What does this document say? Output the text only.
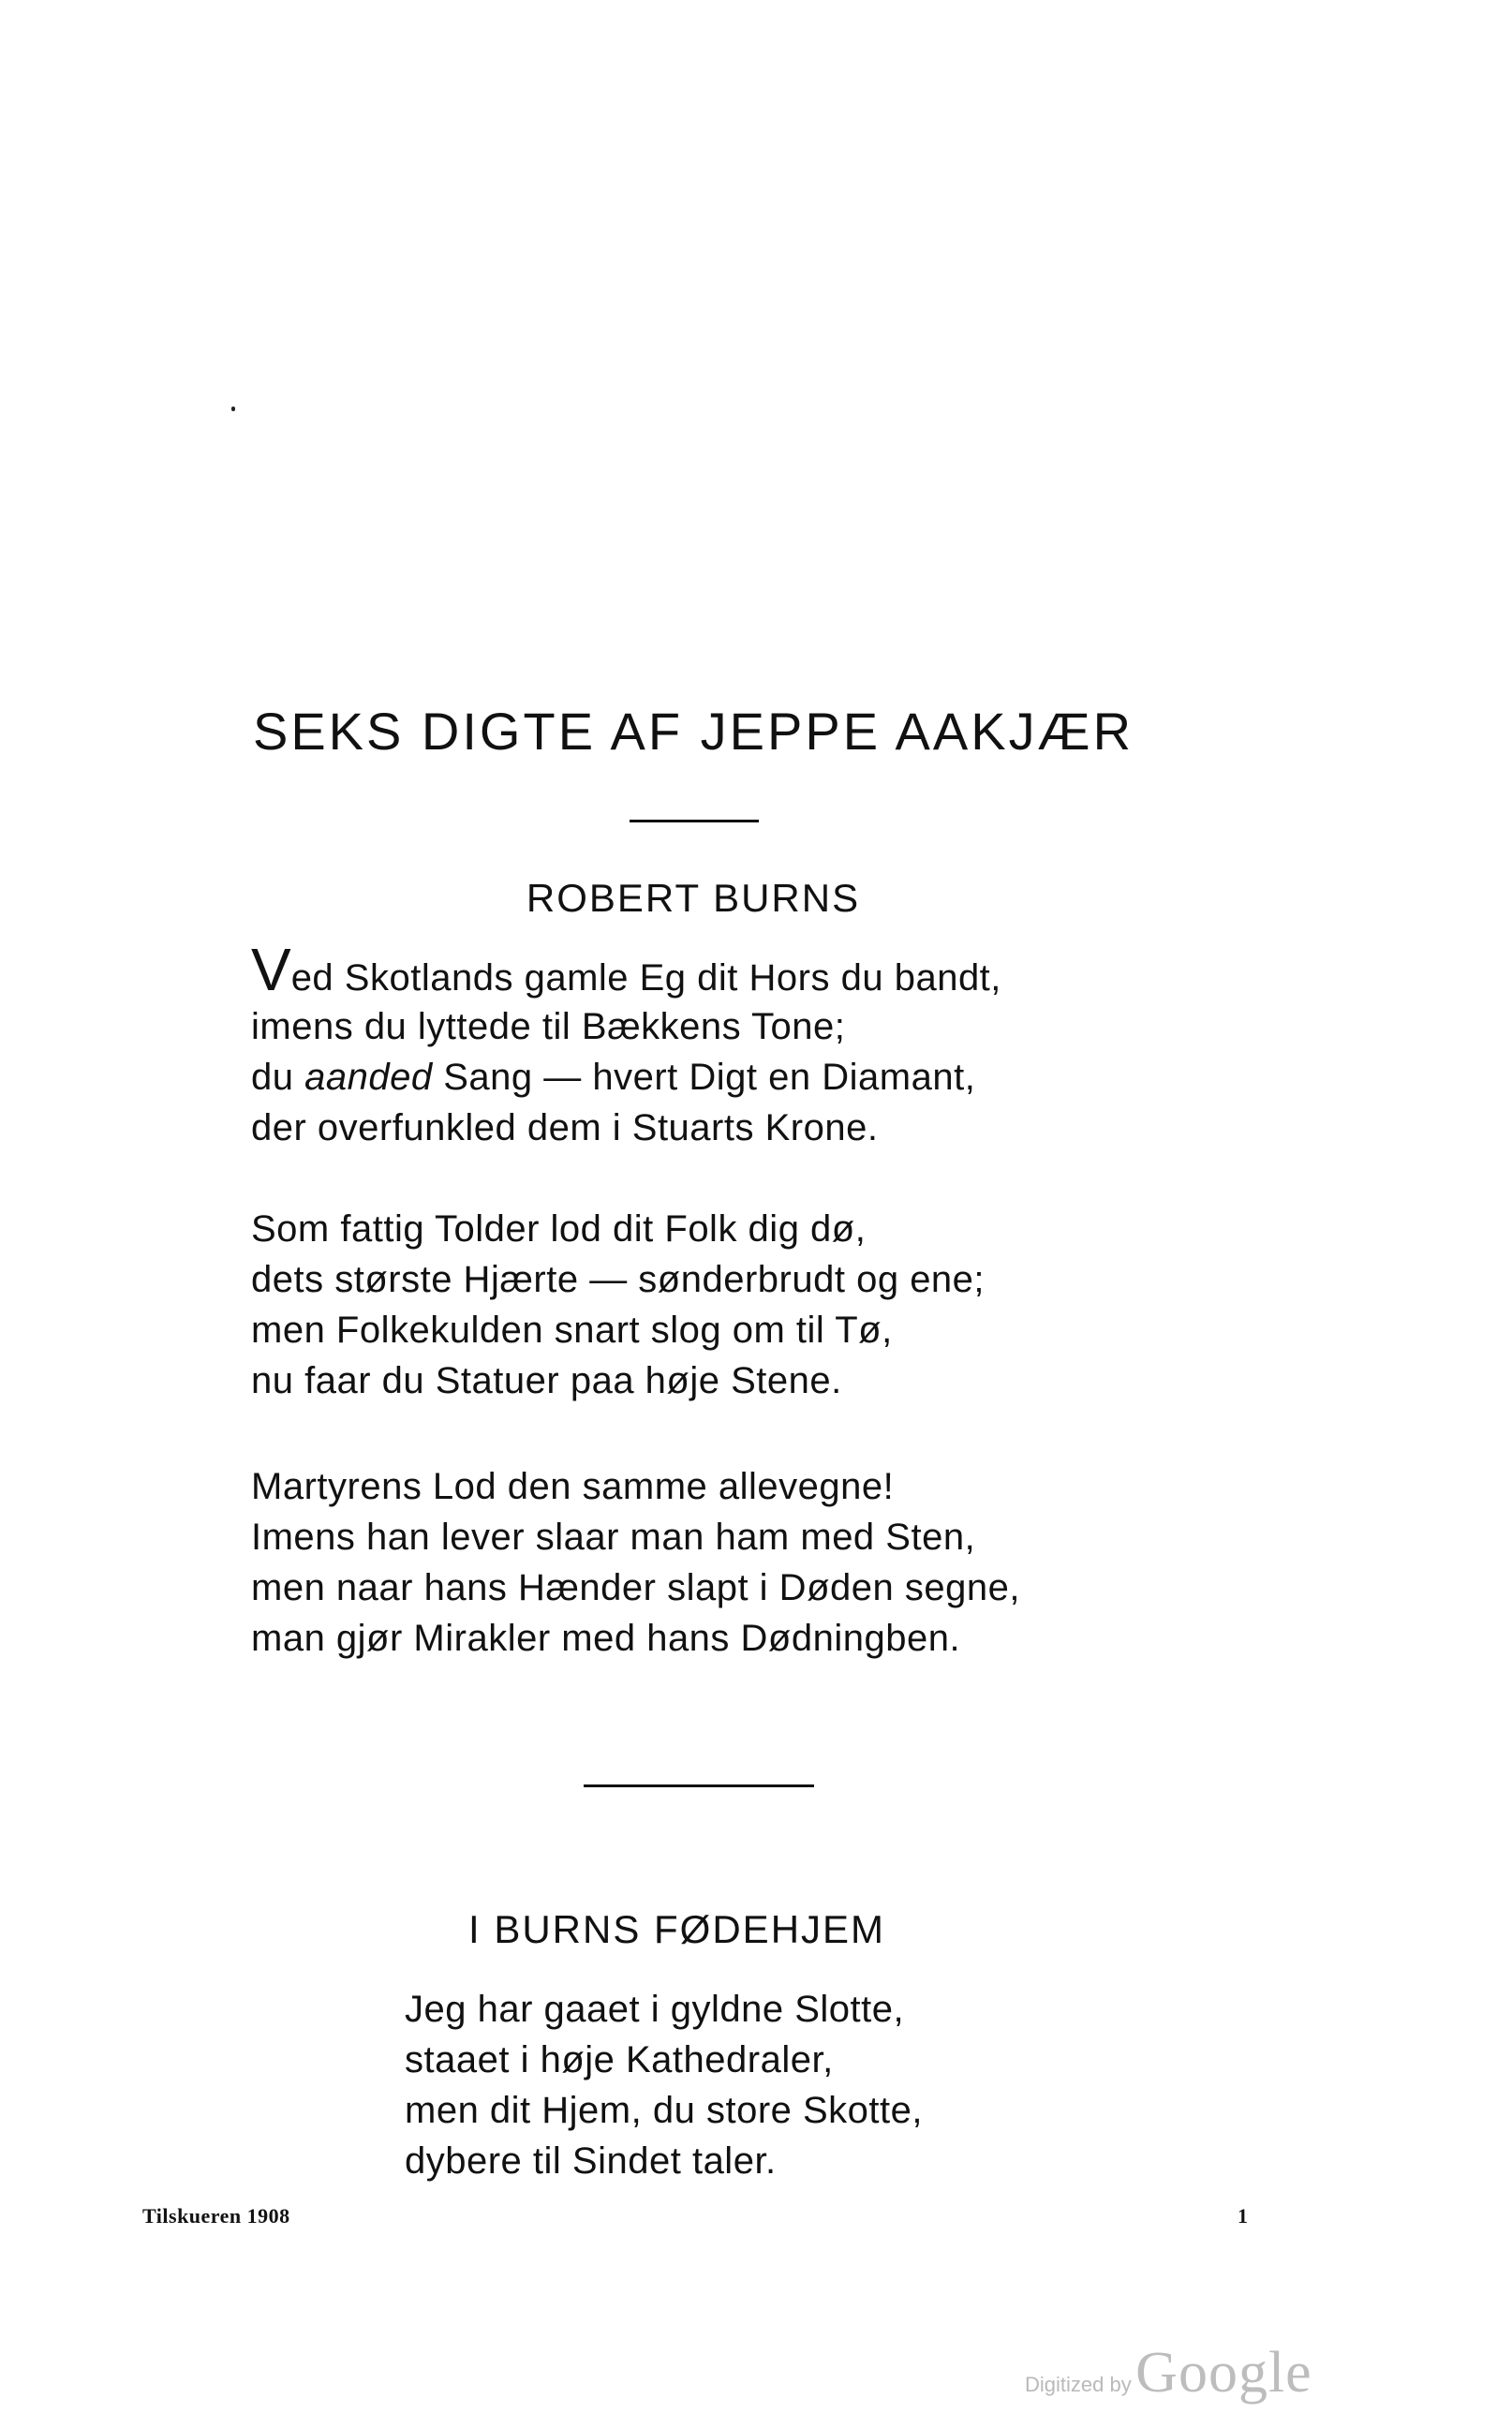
SEKS DIGTE AF JEPPE AAKJÆR
ROBERT BURNS
Ved Skotlands gamle Eg dit Hors du bandt,
imens du lyttede til Bækkens Tone;
du aanded Sang — hvert Digt en Diamant,
der overfunkled dem i Stuarts Krone.
Som fattig Tolder lod dit Folk dig dø,
dets største Hjærte — sønderbrudt og ene;
men Folkekulden snart slog om til Tø,
nu faar du Statuer paa høje Stene.
Martyrens Lod den samme allevegne!
Imens han lever slaar man ham med Sten,
men naar hans Hænder slapt i Døden segne,
man gjør Mirakler med hans Dødningben.
I BURNS FØDEHJEM
Jeg har gaaet i gyldne Slotte,
staaet i høje Kathedraler,
men dit Hjem, du store Skotte,
dybere til Sindet taler.
Tilskueren 1908	1
Digitized by Google
